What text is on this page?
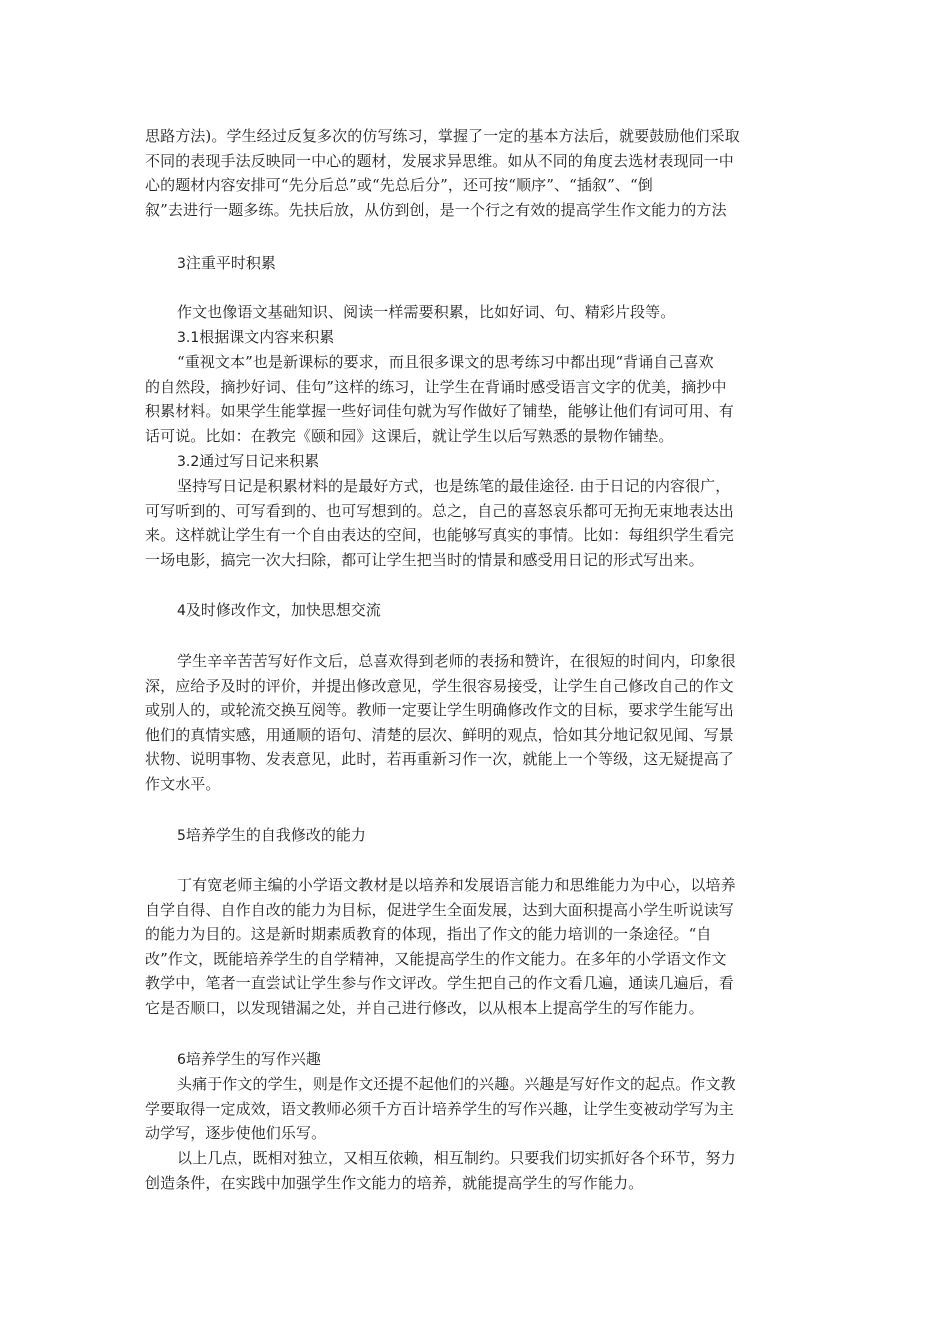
思路方法)。学生经过反复多次的仿写练习，掌握了一定的基本方法后，就要鼓励他们采取
不同的表现手法反映同一中心的题材，发展求异思维。如从不同的角度去选材表现同一中
心的题材内容安排可“先分后总”或“先总后分”，还可按“顺序”、“插叙”、“倒
叙”去进行一题多练。先扶后放，从仿到创，是一个行之有效的提高学生作文能力的方法

3注重平时积累

作文也像语文基础知识、阅读一样需要积累，比如好词、句、精彩片段等。

3.1根据课文内容来积累

“重视文本”也是新课标的要求，而且很多课文的思考练习中都出现“背诵自己喜欢
的自然段，摘抄好词、佳句”这样的练习，让学生在背诵时感受语言文字的优美，摘抄中
积累材料。如果学生能掌握一些好词佳句就为写作做好了铺垫，能够让他们有词可用、有
话可说。比如：在教完《颐和园》这课后，就让学生以后写熟悉的景物作铺垫。

3.2通过写日记来积累

坚持写日记是积累材料的是最好方式，也是练笔的最佳途径. 由于日记的内容很广，
可写听到的、可写看到的、也可写想到的。总之，自己的喜怒哀乐都可无拘无束地表达出
来。这样就让学生有一个自由表达的空间，也能够写真实的事情。比如：每组织学生看完
一场电影，搞完一次大扫除，都可让学生把当时的情景和感受用日记的形式写出来。

4及时修改作文，加快思想交流

学生辛辛苦苦写好作文后，总喜欢得到老师的表扬和赞许，在很短的时间内，印象很
深，应给予及时的评价，并提出修改意见，学生很容易接受，让学生自己修改自己的作文
或别人的，或轮流交换互阅等。教师一定要让学生明确修改作文的目标，要求学生能写出
他们的真情实感，用通顺的语句、清楚的层次、鲜明的观点，恰如其分地记叙见闻、写景
状物、说明事物、发表意见，此时，若再重新习作一次，就能上一个等级，这无疑提高了
作文水平。

5培养学生的自我修改的能力

丁有宽老师主编的小学语文教材是以培养和发展语言能力和思维能力为中心，以培养
自学自得、自作自改的能力为目标，促进学生全面发展，达到大面积提高小学生听说读写
的能力为目的。这是新时期素质教育的体现，指出了作文的能力培训的一条途径。“自
改”作文，既能培养学生的自学精神，又能提高学生的作文能力。在多年的小学语文作文
教学中，笔者一直尝试让学生参与作文评改。学生把自己的作文看几遍，通读几遍后，看
它是否顺口，以发现错漏之处，并自己进行修改，以从根本上提高学生的写作能力。

6培养学生的写作兴趣

头痛于作文的学生，则是作文还提不起他们的兴趣。兴趣是写好作文的起点。作文教
学要取得一定成效，语文教师必须千方百计培养学生的写作兴趣，让学生变被动学写为主
动学写，逐步使他们乐写。

以上几点，既相对独立，又相互依赖，相互制约。只要我们切实抓好各个环节，努力
创造条件，在实践中加强学生作文能力的培养，就能提高学生的写作能力。
